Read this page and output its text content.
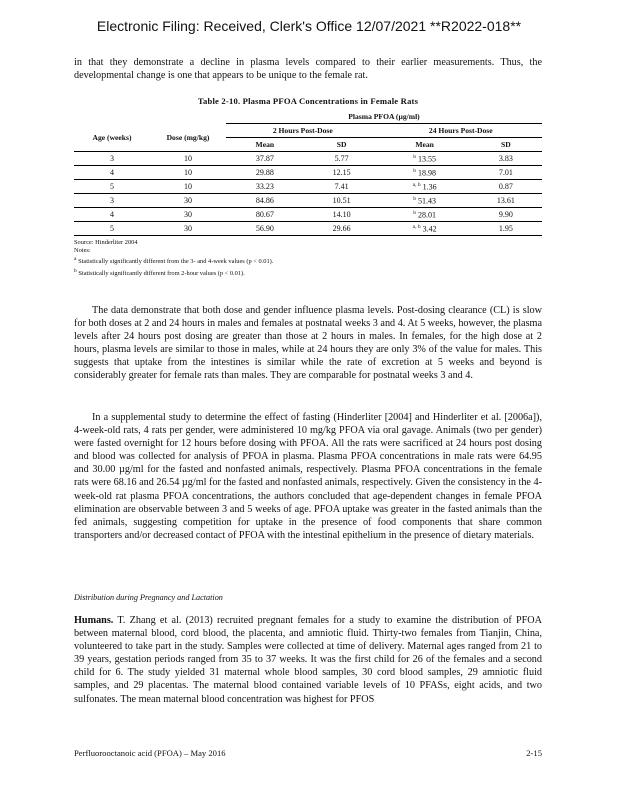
Electronic Filing: Received, Clerk's Office 12/07/2021 **R2022-018**

in that they demonstrate a decline in plasma levels compared to their earlier measurements. Thus, the developmental change is one that appears to be unique to the female rat.

Table 2-10. Plasma PFOA Concentrations in Female Rats
		Plasma PFOA (µg/ml)			
Age (weeks)	Dose (mg/kg)	2 Hours Post-Dose		24 Hours Post-Dose	
		Mean	SD	Mean	SD
3	10	37.87	5.77	$^b$ 13.55	3.83
4	10	29.88	12.15	$^b$ 18.98	7.01
5	10	33.23	7.41	$^{a, b}$ 1.36	0.87
3	30	84.86	10.51	$^b$ 51.43	13.61
4	30	80.67	14.10	$^b$ 28.01	9.90
5	30	56.90	29.66	$^{a, b}$ 3.42	1.95
Source: Hinderliter 2004
Notes:
a Statistically significantly different from the 3- and 4-week values (p < 0.01).
b Statistically significantly different from 2-hour values (p < 0.01).

The data demonstrate that both dose and gender influence plasma levels. Post-dosing clearance (CL) is slow for both doses at 2 and 24 hours in males and females at postnatal weeks 3 and 4. At 5 weeks, however, the plasma levels after 24 hours post dosing are greater than those at 2 hours in males. In females, for the high dose at 2 hours, plasma levels are similar to those in males, while at 24 hours they are only 3% of the value for males. This suggests that uptake from the intestines is similar while the rate of excretion at 5 weeks and beyond is considerably greater for female rats than males. They are comparable for postnatal weeks 3 and 4.

In a supplemental study to determine the effect of fasting (Hinderliter [2004] and Hinderliter et al. [2006a]), 4-week-old rats, 4 rats per gender, were administered 10 mg/kg PFOA via oral gavage. Animals (two per gender) were fasted overnight for 12 hours before dosing with PFOA. All the rats were sacrificed at 24 hours post dosing and blood was collected for analysis of PFOA in plasma. Plasma PFOA concentrations in male rats were 64.95 and 30.00 µg/ml for the fasted and nonfasted animals, respectively. Plasma PFOA concentrations in the female rats were 68.16 and 26.54 µg/ml for the fasted and nonfasted animals, respectively. Given the consistency in the 4-week-old rat plasma PFOA concentrations, the authors concluded that age-dependent changes in female PFOA elimination are observable between 3 and 5 weeks of age. PFOA uptake was greater in the fasted animals than the fed animals, suggesting competition for uptake in the presence of food components that share common transporters and/or decreased contact of PFOA with the intestinal epithelium in the presence of dietary materials.

Distribution during Pregnancy and Lactation

Humans. T. Zhang et al. (2013) recruited pregnant females for a study to examine the distribution of PFOA between maternal blood, cord blood, the placenta, and amniotic fluid. Thirty-two females from Tianjin, China, volunteered to take part in the study. Samples were collected at time of delivery. Maternal ages ranged from 21 to 39 years, gestation periods ranged from 35 to 37 weeks. It was the first child for 26 of the females and a second child for 6. The study yielded 31 maternal whole blood samples, 30 cord blood samples, 29 amniotic fluid samples, and 29 placentas. The maternal blood contained variable levels of 10 PFASs, eight acids, and two sulfonates. The mean maternal blood concentration was highest for PFOS

Perfluorooctanoic acid (PFOA) – May 2016	2-15
